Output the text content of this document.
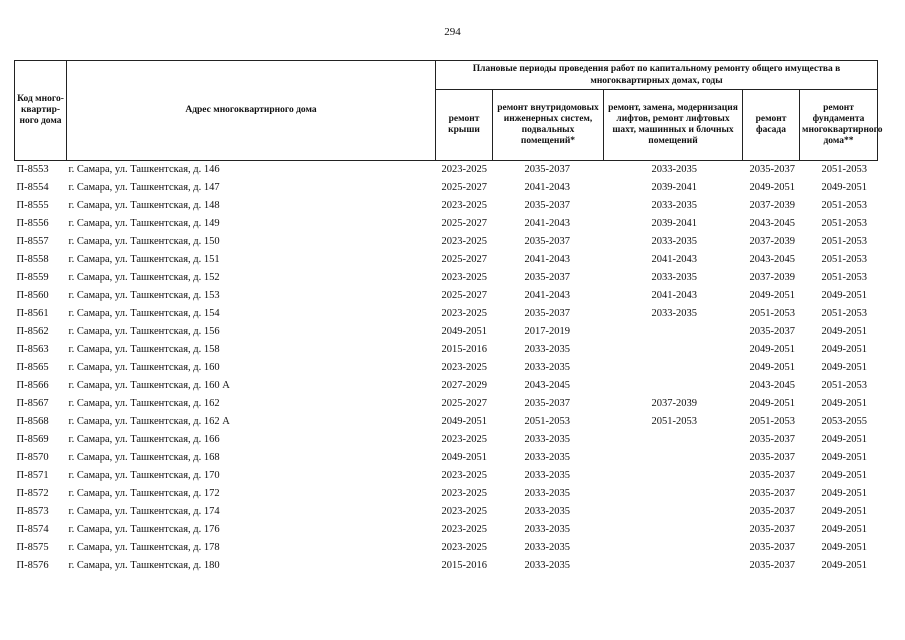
294
Код много-квартир-ного дома	Адрес многоквартирного дома	Плановые периоды проведения работ по капитальному ремонту общего имущества в многоквартирных домах, годы				
		ремонт крыши	ремонт внутридомовых инженерных систем, подвальных помещений*	ремонт, замена, модернизация лифтов, ремонт лифтовых шахт, машинных и блочных помещений	ремонт фасада	ремонт фундамента многоквартирного дома**
П-8553	г. Самара, ул. Ташкентская, д. 146	2023-2025	2035-2037	2033-2035	2035-2037	2051-2053
П-8554	г. Самара, ул. Ташкентская, д. 147	2025-2027	2041-2043	2039-2041	2049-2051	2049-2051
П-8555	г. Самара, ул. Ташкентская, д. 148	2023-2025	2035-2037	2033-2035	2037-2039	2051-2053
П-8556	г. Самара, ул. Ташкентская, д. 149	2025-2027	2041-2043	2039-2041	2043-2045	2051-2053
П-8557	г. Самара, ул. Ташкентская, д. 150	2023-2025	2035-2037	2033-2035	2037-2039	2051-2053
П-8558	г. Самара, ул. Ташкентская, д. 151	2025-2027	2041-2043	2041-2043	2043-2045	2051-2053
П-8559	г. Самара, ул. Ташкентская, д. 152	2023-2025	2035-2037	2033-2035	2037-2039	2051-2053
П-8560	г. Самара, ул. Ташкентская, д. 153	2025-2027	2041-2043	2041-2043	2049-2051	2049-2051
П-8561	г. Самара, ул. Ташкентская, д. 154	2023-2025	2035-2037	2033-2035	2051-2053	2051-2053
П-8562	г. Самара, ул. Ташкентская, д. 156	2049-2051	2017-2019		2035-2037	2049-2051
П-8563	г. Самара, ул. Ташкентская, д. 158	2015-2016	2033-2035		2049-2051	2049-2051
П-8565	г. Самара, ул. Ташкентская, д. 160	2023-2025	2033-2035		2049-2051	2049-2051
П-8566	г. Самара, ул. Ташкентская, д. 160 А	2027-2029	2043-2045		2043-2045	2051-2053
П-8567	г. Самара, ул. Ташкентская, д. 162	2025-2027	2035-2037	2037-2039	2049-2051	2049-2051
П-8568	г. Самара, ул. Ташкентская, д. 162 А	2049-2051	2051-2053	2051-2053	2051-2053	2053-2055
П-8569	г. Самара, ул. Ташкентская, д. 166	2023-2025	2033-2035		2035-2037	2049-2051
П-8570	г. Самара, ул. Ташкентская, д. 168	2049-2051	2033-2035		2035-2037	2049-2051
П-8571	г. Самара, ул. Ташкентская, д. 170	2023-2025	2033-2035		2035-2037	2049-2051
П-8572	г. Самара, ул. Ташкентская, д. 172	2023-2025	2033-2035		2035-2037	2049-2051
П-8573	г. Самара, ул. Ташкентская, д. 174	2023-2025	2033-2035		2035-2037	2049-2051
П-8574	г. Самара, ул. Ташкентская, д. 176	2023-2025	2033-2035		2035-2037	2049-2051
П-8575	г. Самара, ул. Ташкентская, д. 178	2023-2025	2033-2035		2035-2037	2049-2051
П-8576	г. Самара, ул. Ташкентская, д. 180	2015-2016	2033-2035		2035-2037	2049-2051
